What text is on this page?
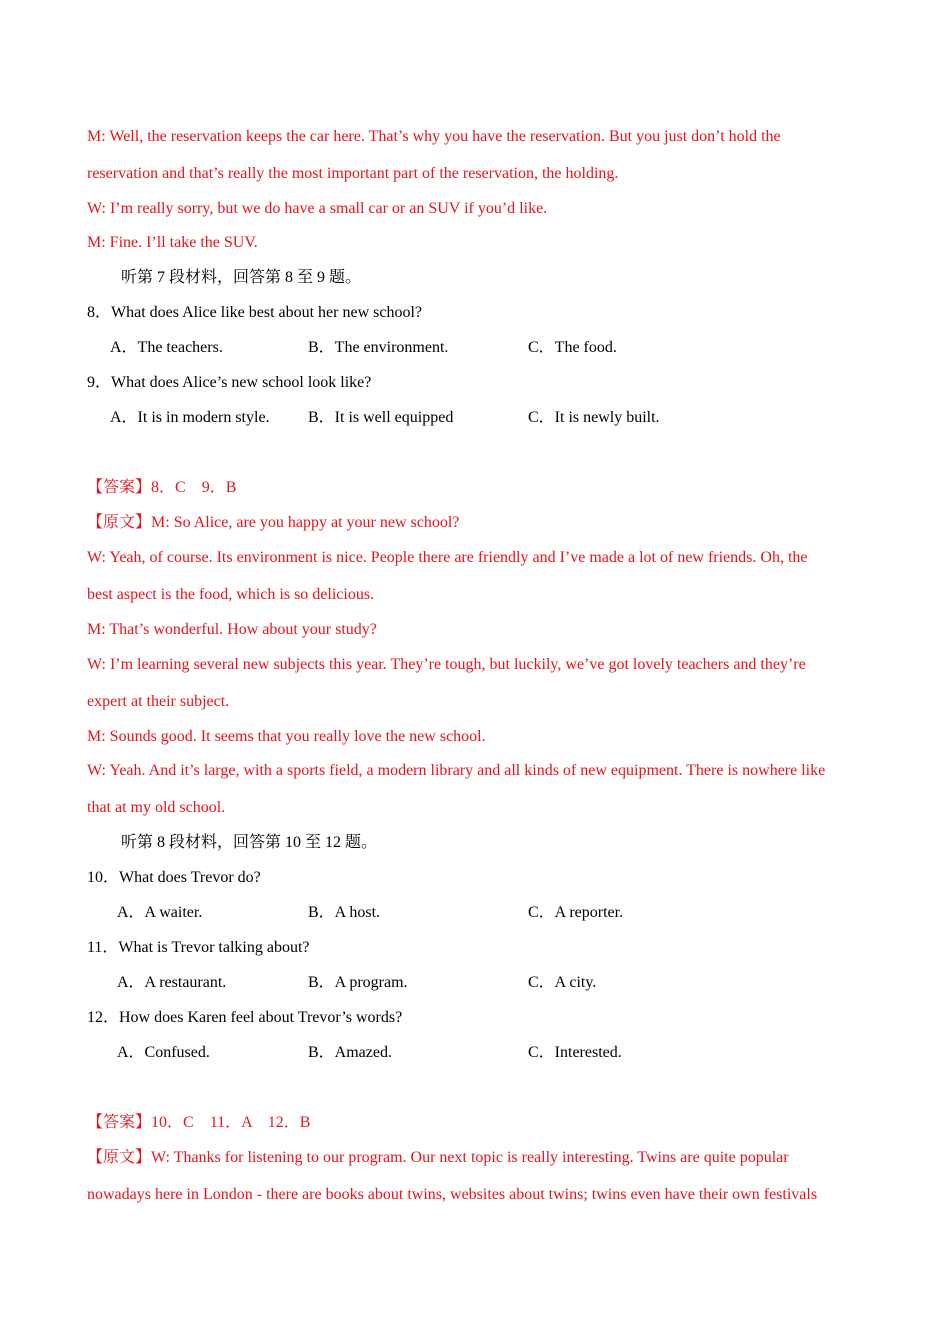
M: Well, the reservation keeps the car here. That’s why you have the reservation. But you just don’t hold the
reservation and that’s really the most important part of the reservation, the holding.
W: I’m really sorry, but we do have a small car or an SUV if you’d like.
M: Fine. I’ll take the SUV.
听第 7 段材料，回答第 8 至 9 题。
8．What does Alice like best about her new school?
A．The teachers.	B．The environment.	C．The food.
9．What does Alice’s new school look like?
A．It is in modern style. B．It is well equipped	C．It is newly built.
【答案】8．C    9．B
【原文】M: So Alice, are you happy at your new school?
W: Yeah, of course. Its environment is nice. People there are friendly and I’ve made a lot of new friends. Oh, the
best aspect is the food, which is so delicious.
M: That’s wonderful. How about your study?
W: I’m learning several new subjects this year. They’re tough, but luckily, we’ve got lovely teachers and they’re
expert at their subject.
M: Sounds good. It seems that you really love the new school.
W: Yeah. And it’s large, with a sports field, a modern library and all kinds of new equipment. There is nowhere like
that at my old school.
听第 8 段材料，回答第 10 至 12 题。
10．What does Trevor do?
A．A waiter.	B．A host.	C．A reporter.
11．What is Trevor talking about?
A．A restaurant.	B．A program.	C．A city.
12．How does Karen feel about Trevor’s words?
A．Confused.	B．Amazed.	C．Interested.
【答案】10．C    11．A    12．B
【原文】W: Thanks for listening to our program. Our next topic is really interesting. Twins are quite popular
nowadays here in London - there are books about twins, websites about twins; twins even have their own festivals
